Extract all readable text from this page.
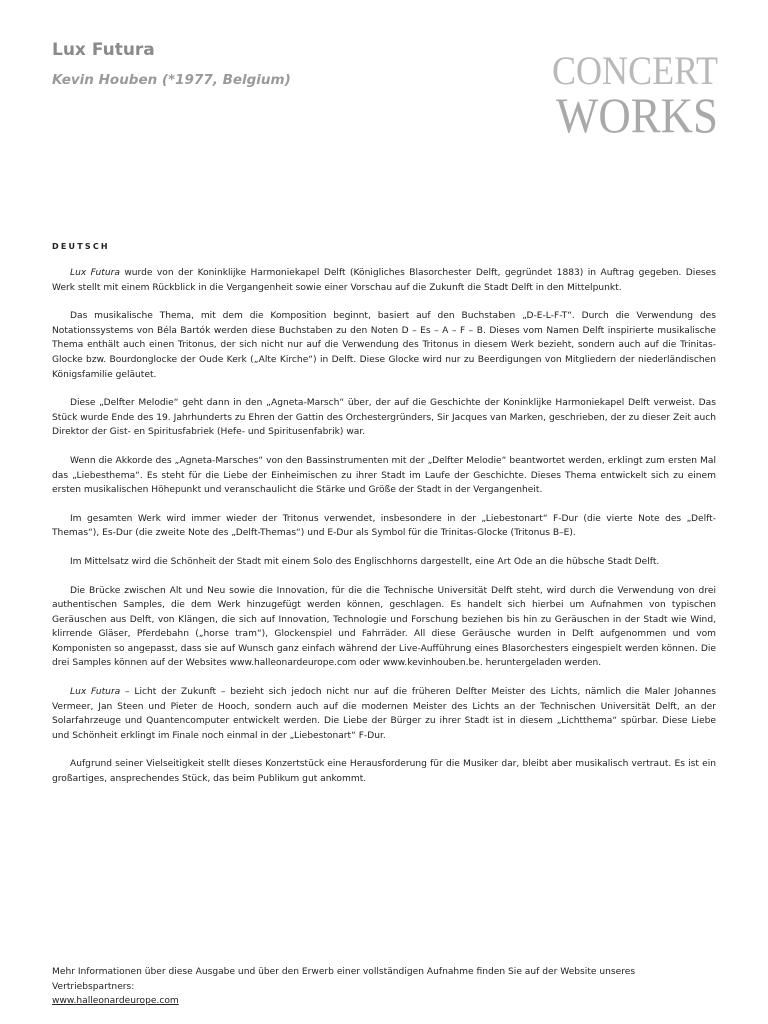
Lux Futura
Kevin Houben (*1977, Belgium)	CONCERT
WORKS
DEUTSCH

Lux Futura wurde von der Koninklijke Harmoniekapel Delft (Königliches Blasorchester Delft, gegründet 1883) in Auftrag gegeben. Dieses Werk stellt mit einem Rückblick in die Vergangenheit sowie einer Vorschau auf die Zukunft die Stadt Delft in den Mittelpunkt.

Das musikalische Thema, mit dem die Komposition beginnt, basiert auf den Buchstaben „D-E-L-F-T“. Durch die Verwendung des Notationssystems von Béla Bartók werden diese Buchstaben zu den Noten D – Es – A – F – B. Dieses vom Namen Delft inspirierte musikalische Thema enthält auch einen Tritonus, der sich nicht nur auf die Verwendung des Tritonus in diesem Werk bezieht, sondern auch auf die Trinitas-Glocke bzw. Bourdonglocke der Oude Kerk („Alte Kirche“) in Delft. Diese Glocke wird nur zu Beerdigungen von Mitgliedern der niederländischen Königsfamilie geläutet.

Diese „Delfter Melodie“ geht dann in den „Agneta-Marsch“ über, der auf die Geschichte der Koninklijke Harmoniekapel Delft verweist. Das Stück wurde Ende des 19. Jahrhunderts zu Ehren der Gattin des Orchestergründers, Sir Jacques van Marken, geschrieben, der zu dieser Zeit auch Direktor der Gist- en Spiritusfabriek (Hefe- und Spiritusenfabrik) war.

Wenn die Akkorde des „Agneta-Marsches“ von den Bassinstrumenten mit der „Delfter Melodie“ beantwortet werden, erklingt zum ersten Mal das „Liebesthema“. Es steht für die Liebe der Einheimischen zu ihrer Stadt im Laufe der Geschichte. Dieses Thema entwickelt sich zu einem ersten musikalischen Höhepunkt und veranschaulicht die Stärke und Größe der Stadt in der Vergangenheit.

Im gesamten Werk wird immer wieder der Tritonus verwendet, insbesondere in der „Liebestonart“ F-Dur (die vierte Note des „Delft-Themas“), Es-Dur (die zweite Note des „Delft-Themas“) und E-Dur als Symbol für die Trinitas-Glocke (Tritonus B–E).

Im Mittelsatz wird die Schönheit der Stadt mit einem Solo des Englischhorns dargestellt, eine Art Ode an die hübsche Stadt Delft.

Die Brücke zwischen Alt und Neu sowie die Innovation, für die die Technische Universität Delft steht, wird durch die Verwendung von drei authentischen Samples, die dem Werk hinzugefügt werden können, geschlagen. Es handelt sich hierbei um Aufnahmen von typischen Geräuschen aus Delft, von Klängen, die sich auf Innovation, Technologie und Forschung beziehen bis hin zu Geräuschen in der Stadt wie Wind, klirrende Gläser, Pferdebahn („horse tram“), Glockenspiel und Fahrräder. All diese Geräusche wurden in Delft aufgenommen und vom Komponisten so angepasst, dass sie auf Wunsch ganz einfach während der Live-Aufführung eines Blasorchesters eingespielt werden können. Die drei Samples können auf der Websites www.halleonardeurope.com oder www.kevinhouben.be. heruntergeladen werden.

Lux Futura – Licht der Zukunft – bezieht sich jedoch nicht nur auf die früheren Delfter Meister des Lichts, nämlich die Maler Johannes Vermeer, Jan Steen und Pieter de Hooch, sondern auch auf die modernen Meister des Lichts an der Technischen Universität Delft, an der Solarfahrzeuge und Quantencomputer entwickelt werden. Die Liebe der Bürger zu ihrer Stadt ist in diesem „Lichtthema“ spürbar. Diese Liebe und Schönheit erklingt im Finale noch einmal in der „Liebestonart“ F-Dur.

Aufgrund seiner Vielseitigkeit stellt dieses Konzertstück eine Herausforderung für die Musiker dar, bleibt aber musikalisch vertraut. Es ist ein großartiges, ansprechendes Stück, das beim Publikum gut ankommt.

Mehr Informationen über diese Ausgabe und über den Erwerb einer vollständigen Aufnahme finden Sie auf der Website unseres Vertriebspartners:
www.halleonardeurope.com
